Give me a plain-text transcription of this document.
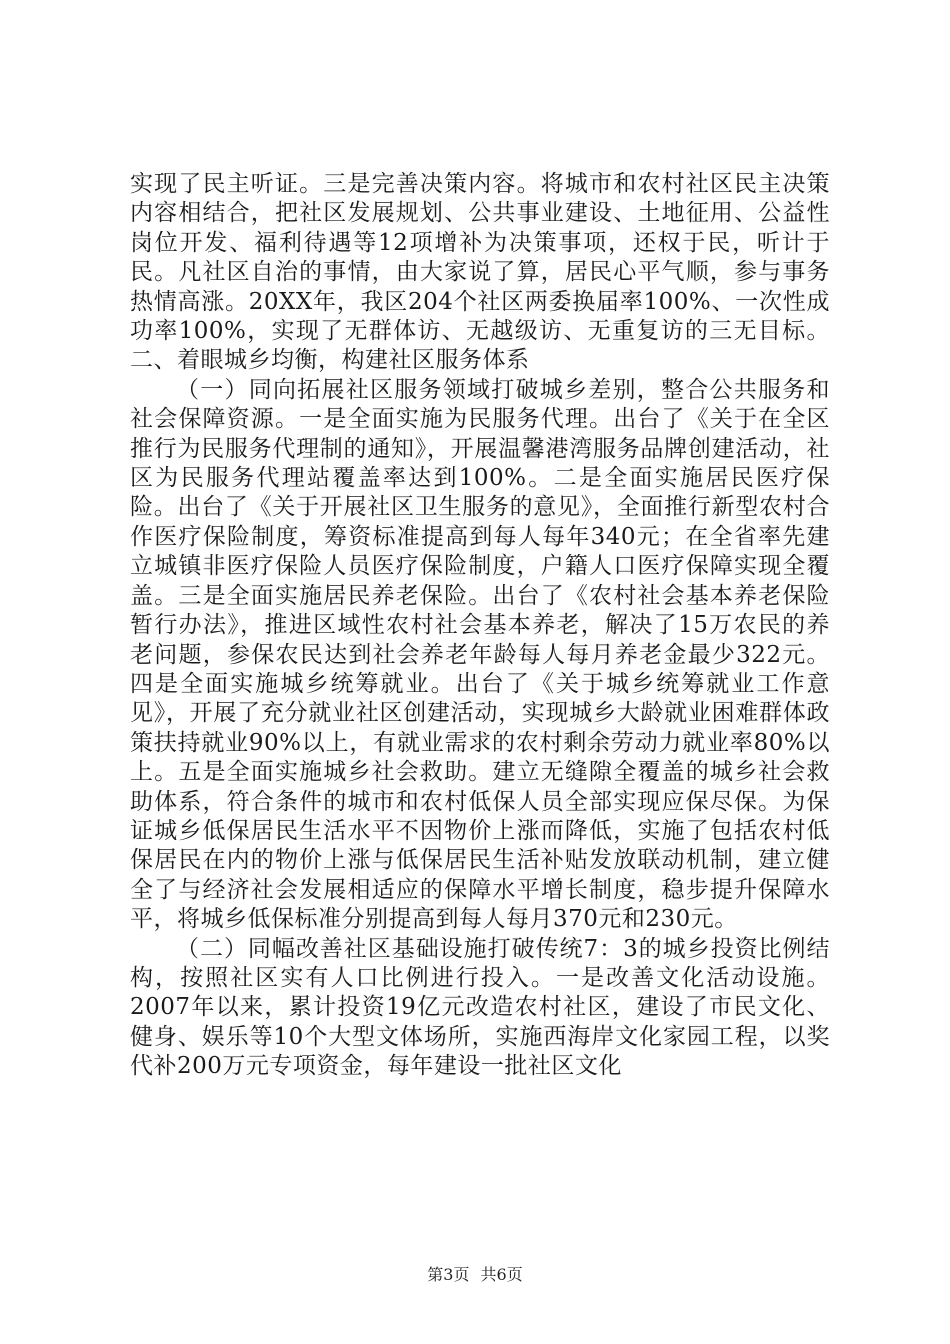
实现了民主听证。三是完善决策内容。将城市和农村社区民主决策内容相结合，把社区发展规划、公共事业建设、土地征用、公益性岗位开发、福利待遇等12项增补为决策事项，还权于民，听计于民。凡社区自治的事情，由大家说了算，居民心平气顺，参与事务热情高涨。20XX年，我区204个社区两委换届率100%、一次性成功率100%，实现了无群体访、无越级访、无重复访的三无目标。二、着眼城乡均衡，构建社区服务体系

（一）同向拓展社区服务领域打破城乡差别，整合公共服务和社会保障资源。一是全面实施为民服务代理。出台了《关于在全区推行为民服务代理制的通知》，开展温馨港湾服务品牌创建活动，社区为民服务代理站覆盖率达到100%。二是全面实施居民医疗保险。出台了《关于开展社区卫生服务的意见》，全面推行新型农村合作医疗保险制度，筹资标准提高到每人每年340元；在全省率先建立城镇非医疗保险人员医疗保险制度，户籍人口医疗保障实现全覆盖。三是全面实施居民养老保险。出台了《农村社会基本养老保险暂行办法》，推进区域性农村社会基本养老，解决了15万农民的养老问题，参保农民达到社会养老年龄每人每月养老金最少322元。四是全面实施城乡统筹就业。出台了《关于城乡统筹就业工作意见》，开展了充分就业社区创建活动，实现城乡大龄就业困难群体政策扶持就业90%以上，有就业需求的农村剩余劳动力就业率80%以上。五是全面实施城乡社会救助。建立无缝隙全覆盖的城乡社会救助体系，符合条件的城市和农村低保人员全部实现应保尽保。为保证城乡低保居民生活水平不因物价上涨而降低，实施了包括农村低保居民在内的物价上涨与低保居民生活补贴发放联动机制，建立健全了与经济社会发展相适应的保障水平增长制度，稳步提升保障水平，将城乡低保标准分别提高到每人每月370元和230元。

（二）同幅改善社区基础设施打破传统7：3的城乡投资比例结构，按照社区实有人口比例进行投入。一是改善文化活动设施。2007年以来，累计投资19亿元改造农村社区，建设了市民文化、健身、娱乐等10个大型文体场所，实施西海岸文化家园工程，以奖代补200万元专项资金，每年建设一批社区文化

第3页 共6页
